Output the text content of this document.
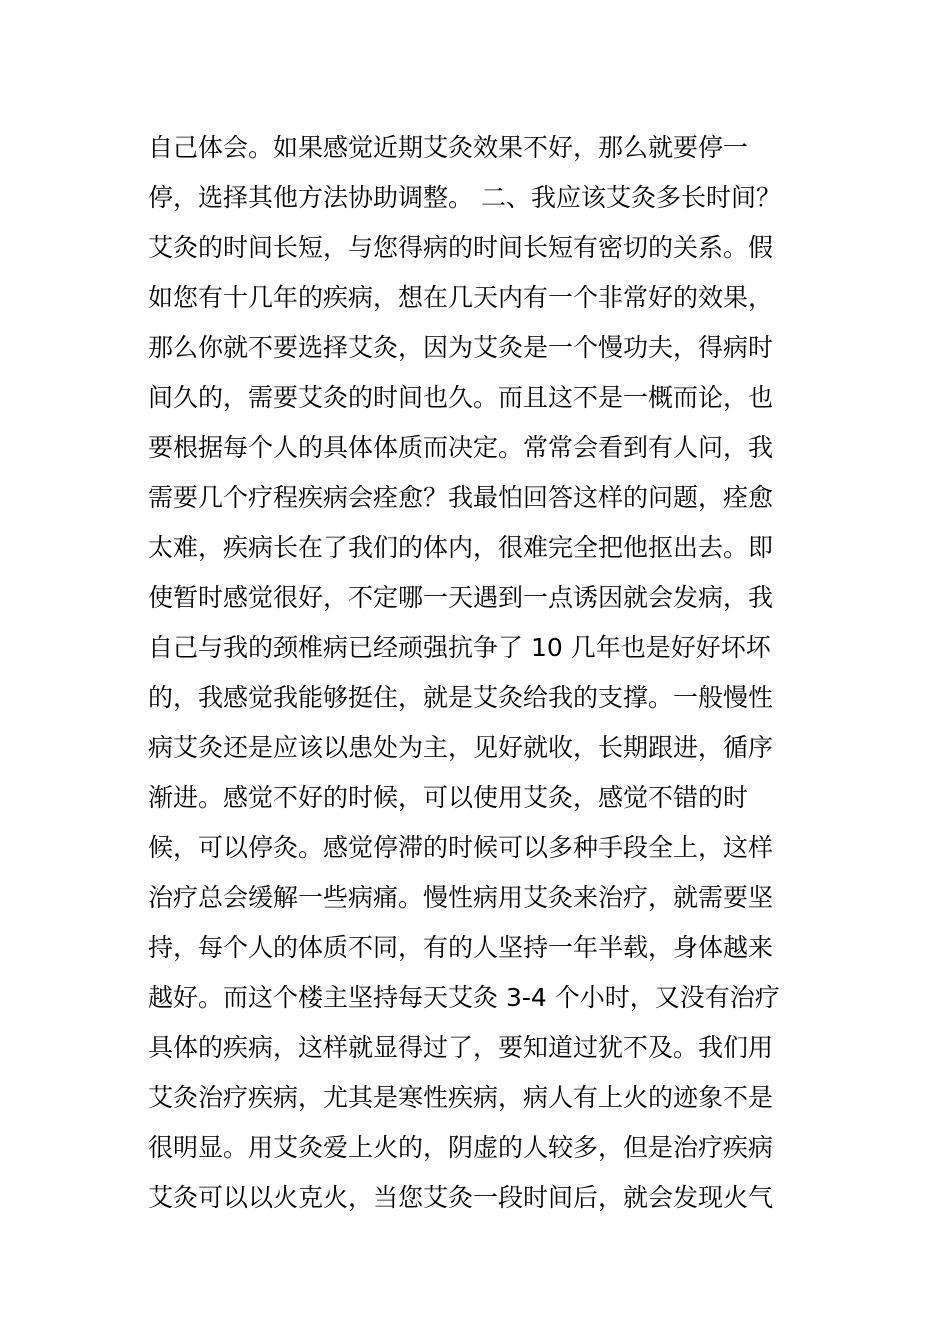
自己体会。如果感觉近期艾灸效果不好，那么就要停一
停，选择其他方法协助调整。 二、我应该艾灸多长时间？
艾灸的时间长短，与您得病的时间长短有密切的关系。假
如您有十几年的疾病，想在几天内有一个非常好的效果，
那么你就不要选择艾灸，因为艾灸是一个慢功夫，得病时
间久的，需要艾灸的时间也久。而且这不是一概而论，也
要根据每个人的具体体质而决定。常常会看到有人问，我
需要几个疗程疾病会痊愈？我最怕回答这样的问题，痊愈
太难，疾病长在了我们的体内，很难完全把他抠出去。即
使暂时感觉很好，不定哪一天遇到一点诱因就会发病，我
自己与我的颈椎病已经顽强抗争了 10 几年也是好好坏坏
的，我感觉我能够挺住，就是艾灸给我的支撑。一般慢性
病艾灸还是应该以患处为主，见好就收，长期跟进，循序
渐进。感觉不好的时候，可以使用艾灸，感觉不错的时
候，可以停灸。感觉停滞的时候可以多种手段全上，这样
治疗总会缓解一些病痛。慢性病用艾灸来治疗，就需要坚
持，每个人的体质不同，有的人坚持一年半载，身体越来
越好。而这个楼主坚持每天艾灸 3-4 个小时，又没有治疗
具体的疾病，这样就显得过了，要知道过犹不及。我们用
艾灸治疗疾病，尤其是寒性疾病，病人有上火的迹象不是
很明显。用艾灸爱上火的，阴虚的人较多，但是治疗疾病
艾灸可以以火克火，当您艾灸一段时间后，就会发现火气
